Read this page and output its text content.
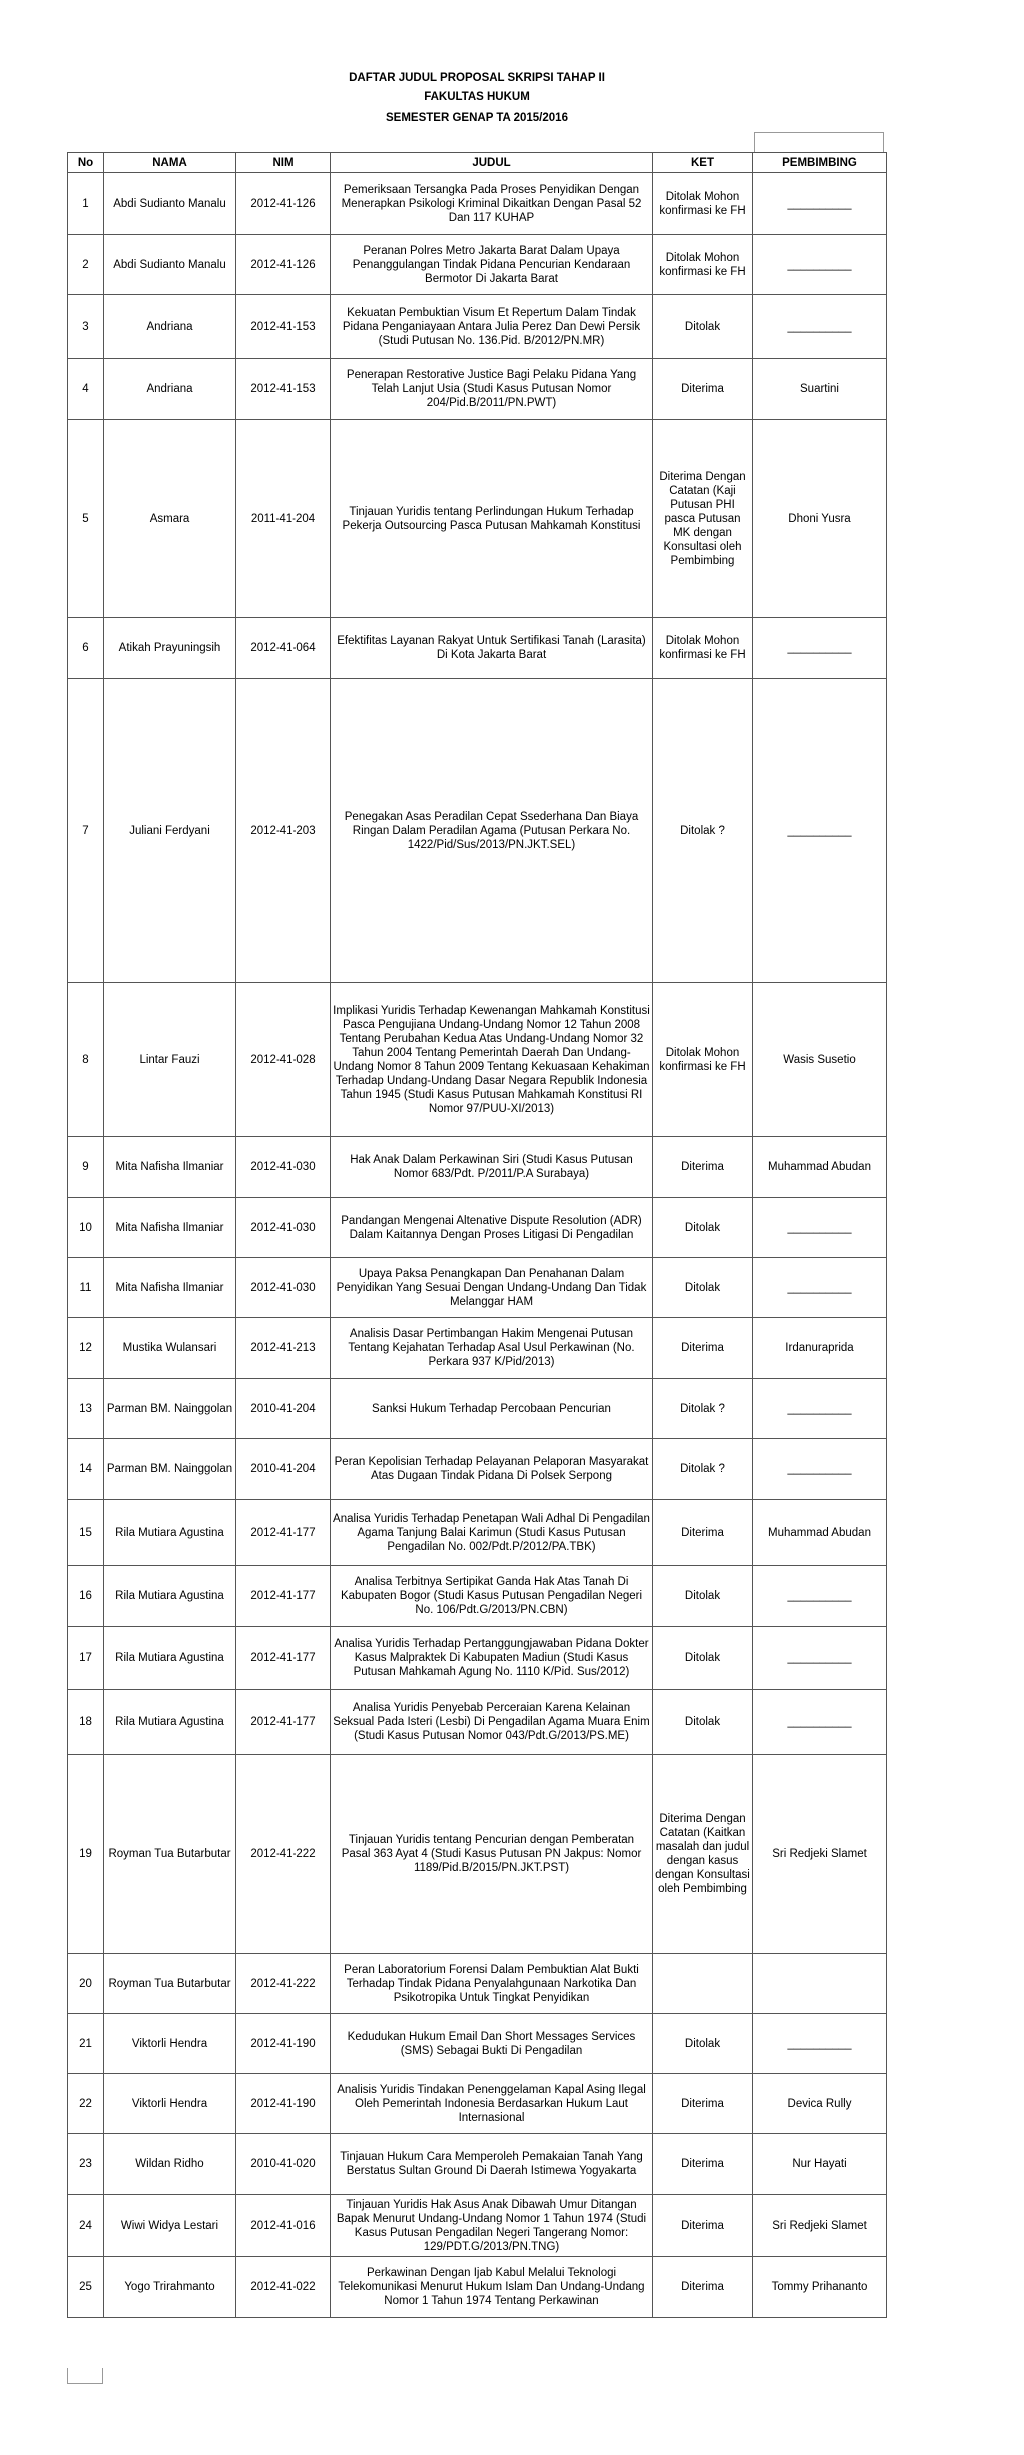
DAFTAR JUDUL PROPOSAL SKRIPSI TAHAP II
FAKULTAS HUKUM
SEMESTER GENAP TA 2015/2016
No	NAMA	NIM	JUDUL	KET	PEMBIMBING
1	Abdi Sudianto Manalu	2012-41-126	Pemeriksaan Tersangka Pada Proses Penyidikan Dengan Menerapkan Psikologi Kriminal Dikaitkan Dengan Pasal 52 Dan 117 KUHAP	Ditolak Mohon konfirmasi ke FH	__________
2	Abdi Sudianto Manalu	2012-41-126	Peranan Polres Metro Jakarta Barat Dalam Upaya Penanggulangan Tindak Pidana Pencurian Kendaraan Bermotor Di Jakarta Barat	Ditolak Mohon konfirmasi ke FH	__________
3	Andriana	2012-41-153	Kekuatan Pembuktian Visum Et Repertum Dalam Tindak Pidana Penganiayaan Antara Julia Perez Dan Dewi Persik (Studi Putusan No. 136.Pid. B/2012/PN.MR)	Ditolak	__________
4	Andriana	2012-41-153	Penerapan Restorative Justice Bagi Pelaku Pidana Yang Telah Lanjut Usia (Studi Kasus Putusan Nomor 204/Pid.B/2011/PN.PWT)	Diterima	Suartini
5	Asmara	2011-41-204	Tinjauan Yuridis tentang Perlindungan Hukum Terhadap Pekerja Outsourcing Pasca Putusan Mahkamah Konstitusi	Diterima Dengan Catatan (Kaji Putusan PHI pasca Putusan MK dengan Konsultasi oleh Pembimbing	Dhoni Yusra
6	Atikah Prayuningsih	2012-41-064	Efektifitas Layanan Rakyat Untuk Sertifikasi Tanah (Larasita) Di Kota Jakarta Barat	Ditolak Mohon konfirmasi ke FH	__________
7	Juliani Ferdyani	2012-41-203	Penegakan Asas Peradilan Cepat Ssederhana Dan Biaya Ringan Dalam Peradilan Agama (Putusan Perkara No. 1422/Pid/Sus/2013/PN.JKT.SEL)	Ditolak ?	__________
8	Lintar Fauzi	2012-41-028	Implikasi Yuridis Terhadap Kewenangan Mahkamah Konstitusi Pasca Pengujiana Undang-Undang Nomor 12 Tahun 2008 Tentang Perubahan Kedua Atas Undang-Undang Nomor 32 Tahun 2004 Tentang Pemerintah Daerah Dan Undang-Undang Nomor 8 Tahun 2009 Tentang Kekuasaan Kehakiman Terhadap Undang-Undang Dasar Negara Republik Indonesia Tahun 1945 (Studi Kasus Putusan Mahkamah Konstitusi RI Nomor 97/PUU-XI/2013)	Ditolak Mohon konfirmasi ke FH	Wasis Susetio
9	Mita Nafisha Ilmaniar	2012-41-030	Hak Anak Dalam Perkawinan Siri (Studi Kasus Putusan Nomor 683/Pdt. P/2011/P.A Surabaya)	Diterima	Muhammad Abudan
10	Mita Nafisha Ilmaniar	2012-41-030	Pandangan Mengenai Altenative Dispute Resolution (ADR) Dalam Kaitannya Dengan Proses Litigasi Di Pengadilan	Ditolak	__________
11	Mita Nafisha Ilmaniar	2012-41-030	Upaya Paksa Penangkapan Dan Penahanan Dalam Penyidikan Yang Sesuai Dengan Undang-Undang Dan Tidak Melanggar HAM	Ditolak	__________
12	Mustika Wulansari	2012-41-213	Analisis Dasar Pertimbangan Hakim Mengenai Putusan Tentang Kejahatan Terhadap Asal Usul Perkawinan (No. Perkara 937 K/Pid/2013)	Diterima	Irdanuraprida
13	Parman BM. Nainggolan	2010-41-204	Sanksi Hukum Terhadap Percobaan Pencurian	Ditolak ?	__________
14	Parman BM. Nainggolan	2010-41-204	Peran Kepolisian Terhadap Pelayanan Pelaporan Masyarakat Atas Dugaan Tindak Pidana Di Polsek Serpong	Ditolak ?	__________
15	Rila Mutiara Agustina	2012-41-177	Analisa Yuridis Terhadap Penetapan Wali Adhal Di Pengadilan Agama Tanjung Balai Karimun (Studi Kasus Putusan Pengadilan No. 002/Pdt.P/2012/PA.TBK)	Diterima	Muhammad Abudan
16	Rila Mutiara Agustina	2012-41-177	Analisa Terbitnya Sertipikat Ganda Hak Atas Tanah Di Kabupaten Bogor (Studi Kasus Putusan Pengadilan Negeri No. 106/Pdt.G/2013/PN.CBN)	Ditolak	__________
17	Rila Mutiara Agustina	2012-41-177	Analisa Yuridis Terhadap Pertanggungjawaban Pidana Dokter Kasus Malpraktek Di Kabupaten Madiun (Studi Kasus Putusan Mahkamah Agung No. 1110 K/Pid. Sus/2012)	Ditolak	__________
18	Rila Mutiara Agustina	2012-41-177	Analisa Yuridis Penyebab Perceraian Karena Kelainan Seksual Pada Isteri (Lesbi) Di Pengadilan Agama Muara Enim (Studi Kasus Putusan Nomor 043/Pdt.G/2013/PS.ME)	Ditolak	__________
19	Royman Tua Butarbutar	2012-41-222	Tinjauan Yuridis tentang Pencurian dengan Pemberatan Pasal 363 Ayat 4 (Studi Kasus Putusan PN Jakpus: Nomor 1189/Pid.B/2015/PN.JKT.PST)	Diterima Dengan Catatan (Kaitkan masalah dan judul dengan kasus dengan Konsultasi oleh Pembimbing	Sri Redjeki Slamet
20	Royman Tua Butarbutar	2012-41-222	Peran Laboratorium Forensi Dalam Pembuktian Alat Bukti Terhadap Tindak Pidana Penyalahgunaan Narkotika Dan Psikotropika Untuk Tingkat Penyidikan		
21	Viktorli Hendra	2012-41-190	Kedudukan Hukum Email Dan Short Messages Services (SMS) Sebagai Bukti Di Pengadilan	Ditolak	__________
22	Viktorli Hendra	2012-41-190	Analisis Yuridis Tindakan Penenggelaman Kapal Asing Ilegal Oleh Pemerintah Indonesia Berdasarkan Hukum Laut Internasional	Diterima	Devica Rully
23	Wildan Ridho	2010-41-020	Tinjauan Hukum Cara Memperoleh Pemakaian Tanah Yang Berstatus Sultan Ground Di Daerah Istimewa Yogyakarta	Diterima	Nur Hayati
24	Wiwi Widya Lestari	2012-41-016	Tinjauan Yuridis Hak Asus Anak Dibawah Umur Ditangan Bapak Menurut Undang-Undang Nomor 1 Tahun 1974 (Studi Kasus Putusan Pengadilan Negeri Tangerang Nomor: 129/PDT.G/2013/PN.TNG)	Diterima	Sri Redjeki Slamet
25	Yogo Trirahmanto	2012-41-022	Perkawinan Dengan Ijab Kabul Melalui Teknologi Telekomunikasi Menurut Hukum Islam Dan Undang-Undang Nomor 1 Tahun 1974 Tentang Perkawinan	Diterima	Tommy Prihananto
